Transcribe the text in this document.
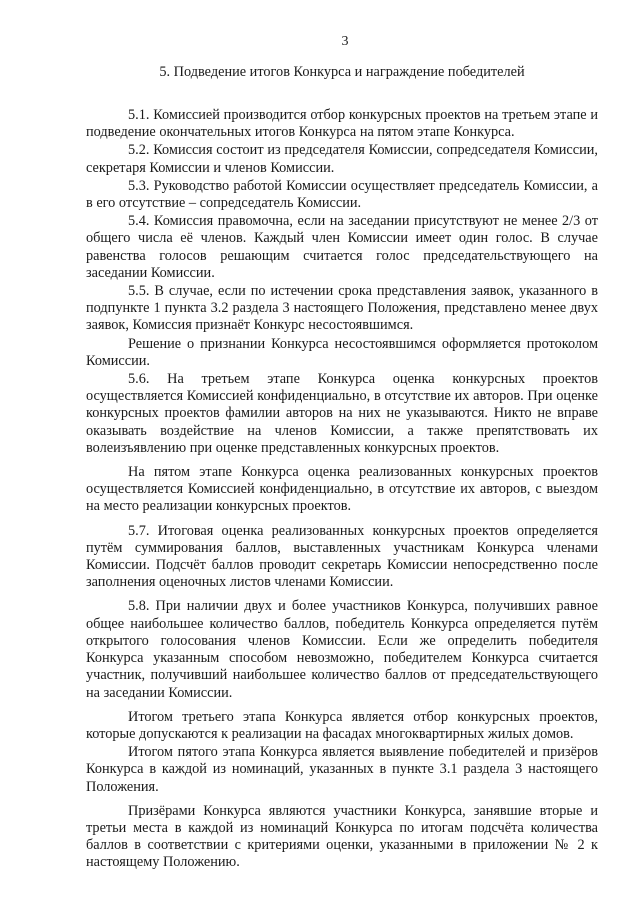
3
5. Подведение итогов Конкурса и награждение победителей
5.1. Комиссией производится отбор конкурсных проектов на третьем этапе и подведение окончательных итогов Конкурса на пятом этапе Конкурса.
5.2. Комиссия состоит из председателя Комиссии, сопредседателя Комиссии, секретаря Комиссии и членов Комиссии.
5.3. Руководство работой Комиссии осуществляет председатель Комиссии, а в его отсутствие – сопредседатель Комиссии.
5.4. Комиссия правомочна, если на заседании присутствуют не менее 2/3 от общего числа её членов. Каждый член Комиссии имеет один голос. В случае равенства голосов решающим считается голос председательствующего на заседании Комиссии.
5.5. В случае, если по истечении срока представления заявок, указанного в подпункте 1 пункта 3.2 раздела 3 настоящего Положения, представлено менее двух заявок, Комиссия признаёт Конкурс несостоявшимся.
Решение о признании Конкурса несостоявшимся оформляется протоколом Комиссии.
5.6. На третьем этапе Конкурса оценка конкурсных проектов осуществляется Комиссией конфиденциально, в отсутствие их авторов. При оценке конкурсных проектов фамилии авторов на них не указываются. Никто не вправе оказывать воздействие на членов Комиссии, а также препятствовать их волеизъявлению при оценке представленных конкурсных проектов.
На пятом этапе Конкурса оценка реализованных конкурсных проектов осуществляется Комиссией конфиденциально, в отсутствие их авторов, с выездом на место реализации конкурсных проектов.
5.7. Итоговая оценка реализованных конкурсных проектов определяется путём суммирования баллов, выставленных участникам Конкурса членами Комиссии. Подсчёт баллов проводит секретарь Комиссии непосредственно после заполнения оценочных листов членами Комиссии.
5.8. При наличии двух и более участников Конкурса, получивших равное общее наибольшее количество баллов, победитель Конкурса определяется путём открытого голосования членов Комиссии. Если же определить победителя Конкурса указанным способом невозможно, победителем Конкурса считается участник, получивший наибольшее количество баллов от председательствующего на заседании Комиссии.
Итогом третьего этапа Конкурса является отбор конкурсных проектов, которые допускаются к реализации на фасадах многоквартирных жилых домов.
Итогом пятого этапа Конкурса является выявление победителей и призёров Конкурса в каждой из номинаций, указанных в пункте 3.1 раздела 3 настоящего Положения.
Призёрами Конкурса являются участники Конкурса, занявшие вторые и третьи места в каждой из номинаций Конкурса по итогам подсчёта количества баллов в соответствии с критериями оценки, указанными в приложении № 2 к настоящему Положению.
